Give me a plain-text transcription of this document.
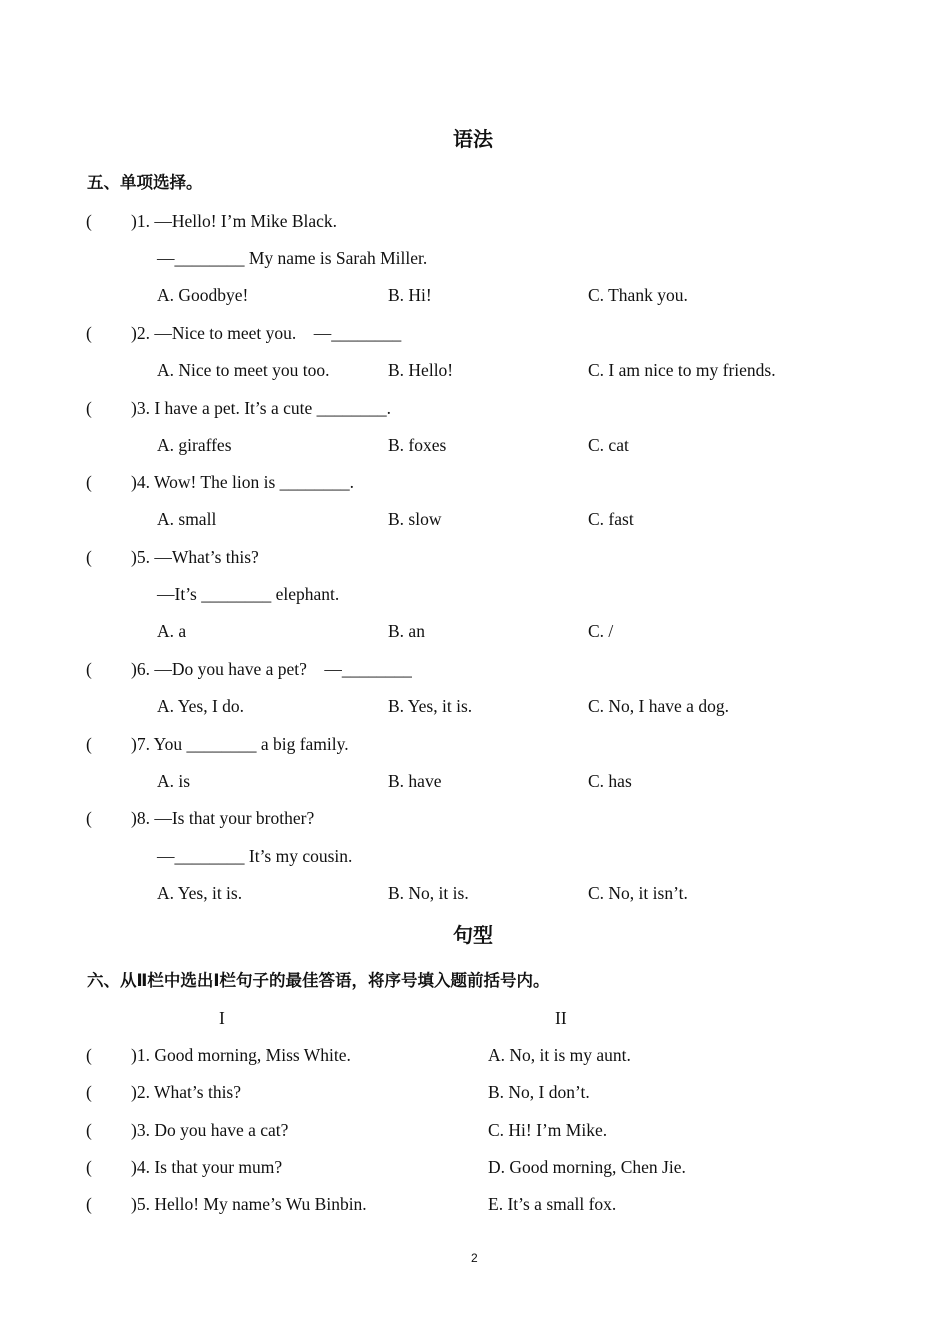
语法
五、单项选择。
( )1. —Hello! I’m Mike Black.
—________ My name is Sarah Miller.
A. Goodbye!	B. Hi!	C. Thank you.
( )2. —Nice to meet you.    —________
A. Nice to meet you too.	B. Hello!	C. I am nice to my friends.
( )3. I have a pet. It’s a cute ________.
A. giraffes	B. foxes	C. cat
( )4. Wow! The lion is ________.
A. small	B. slow	C. fast
( )5. —What’s this?
—It’s ________ elephant.
A. a	B. an	C. /
( )6. —Do you have a pet?    —________
A. Yes, I do.	B. Yes, it is.	C. No, I have a dog.
( )7. You ________ a big family.
A. is	B. have	C. has
( )8. —Is that your brother?
—________ It’s my cousin.
A. Yes, it is.	B. No, it is.	C. No, it isn’t.
句型
六、从Ⅱ栏中选出Ⅰ栏句子的最佳答语，将序号填入题前括号内。
I	II
( )1. Good morning, Miss White.	A. No, it is my aunt.
( )2. What’s this?	B. No, I don’t.
( )3. Do you have a cat?	C. Hi! I’m Mike.
( )4. Is that your mum?	D. Good morning, Chen Jie.
( )5. Hello! My name’s Wu Binbin.	E. It’s a small fox.
2
